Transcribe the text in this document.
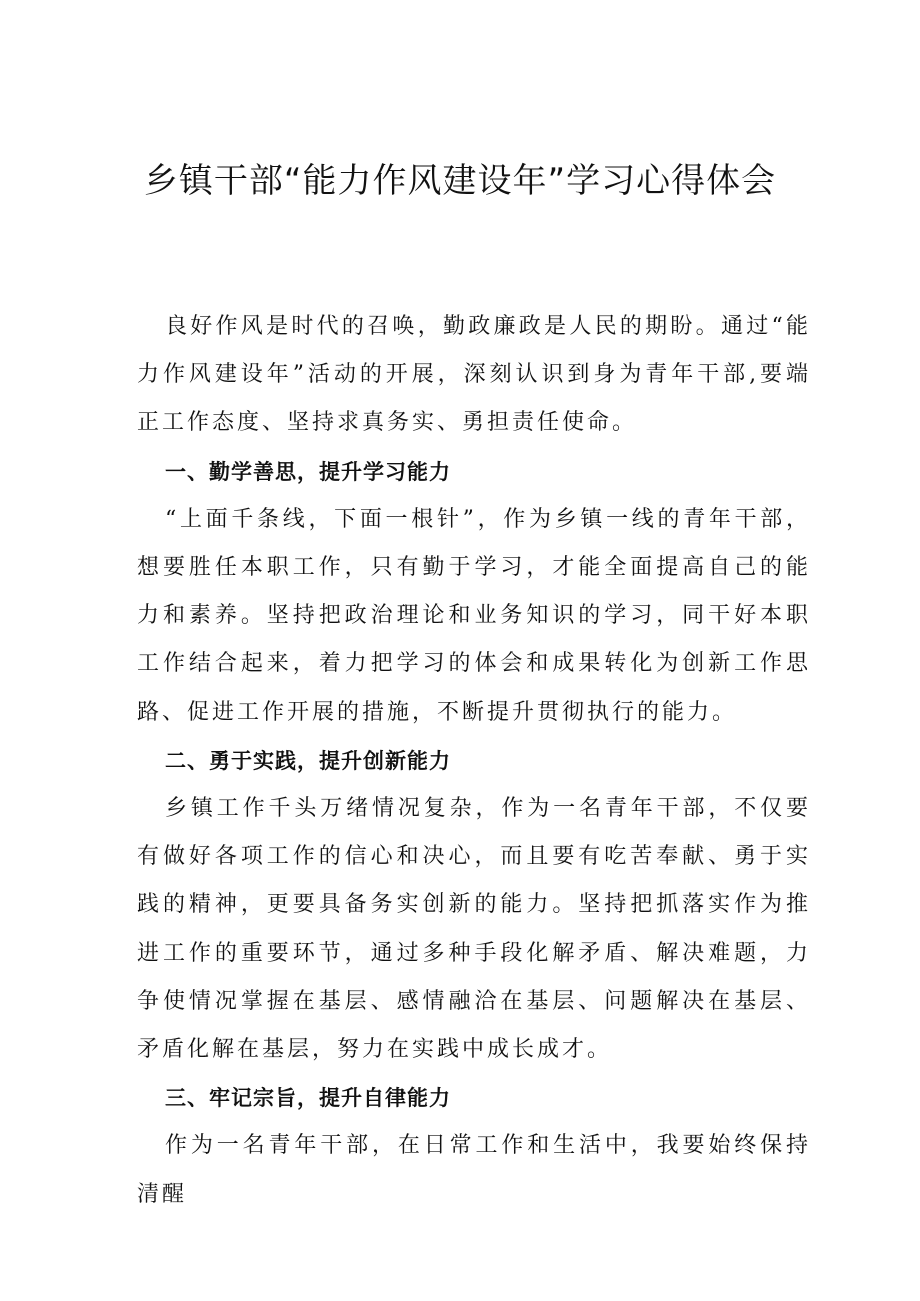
乡镇干部“能力作风建设年”学习心得体会

良好作风是时代的召唤，勤政廉政是人民的期盼。通过“能力作风建设年”活动的开展，深刻认识到身为青年干部,要端正工作态度、坚持求真务实、勇担责任使命。

一、勤学善思，提升学习能力

“上面千条线，下面一根针”，作为乡镇一线的青年干部，想要胜任本职工作，只有勤于学习，才能全面提高自己的能力和素养。坚持把政治理论和业务知识的学习，同干好本职工作结合起来，着力把学习的体会和成果转化为创新工作思路、促进工作开展的措施，不断提升贯彻执行的能力。

二、勇于实践，提升创新能力

乡镇工作千头万绪情况复杂，作为一名青年干部，不仅要有做好各项工作的信心和决心，而且要有吃苦奉献、勇于实践的精神，更要具备务实创新的能力。坚持把抓落实作为推进工作的重要环节，通过多种手段化解矛盾、解决难题，力争使情况掌握在基层、感情融洽在基层、问题解决在基层、矛盾化解在基层，努力在实践中成长成才。

三、牢记宗旨，提升自律能力

作为一名青年干部，在日常工作和生活中，我要始终保持清醒
